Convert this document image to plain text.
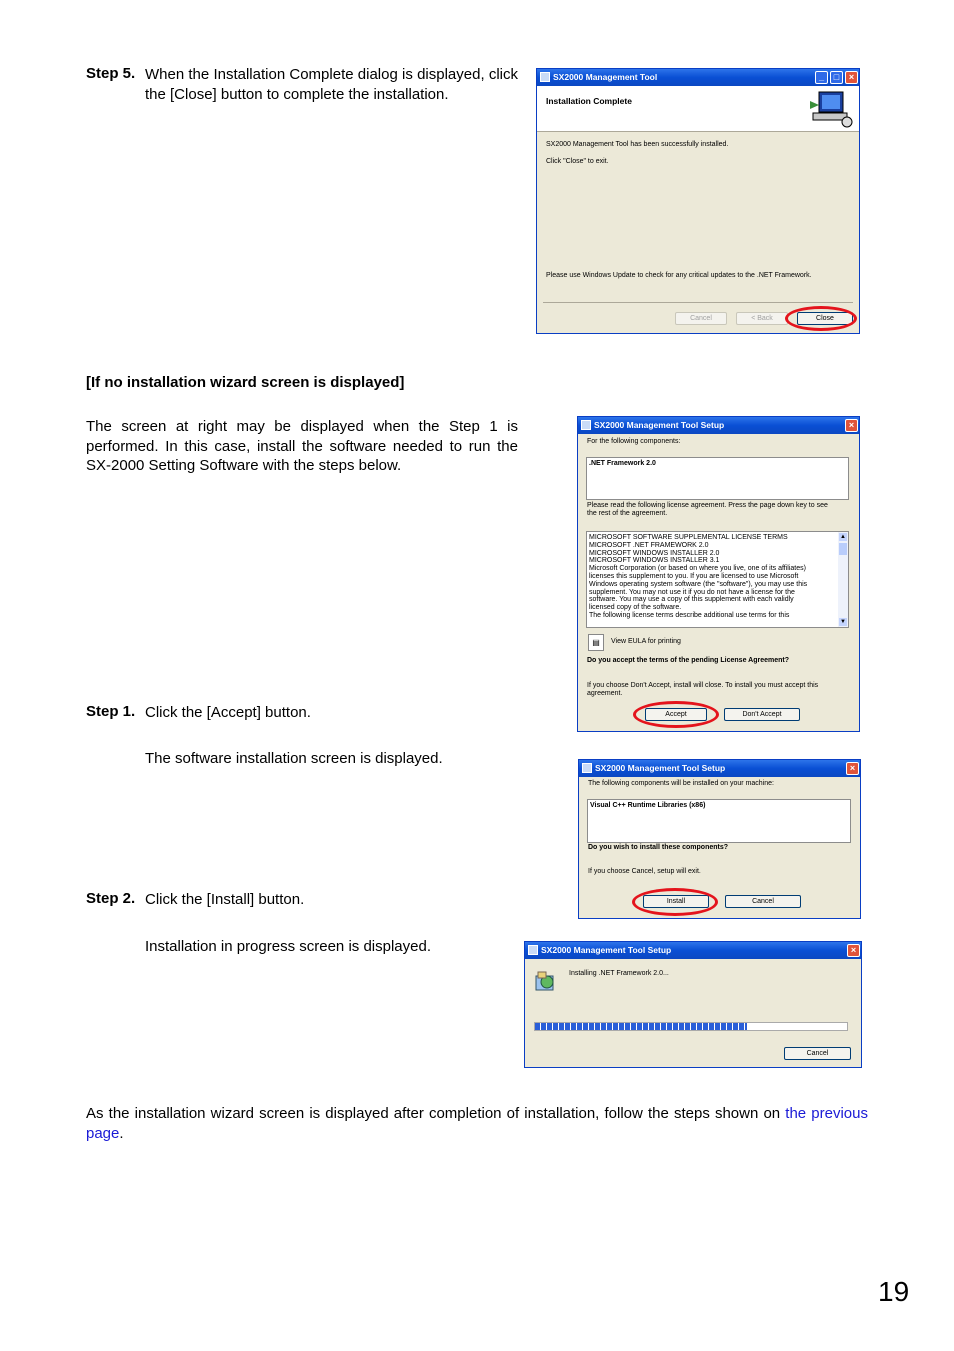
Step 5. When the Installation Complete dialog is displayed, click the [Close] button to complete the installation.
SX2000 Management Tool	_	□	×
Installation Complete
SX2000 Management Tool has been successfully installed.
Click "Close" to exit.
Please use Windows Update to check for any critical updates to the .NET Framework.
Cancel	< Back	Close
[If no installation wizard screen is displayed]
The screen at right may be displayed when the Step 1 is performed. In this case, install the software needed to run the SX-2000 Setting Software with the steps below.
SX2000 Management Tool Setup	×
For the following components:
.NET Framework 2.0
Please read the following license agreement. Press the page down key to see
the rest of the agreement.
MICROSOFT SOFTWARE SUPPLEMENTAL LICENSE TERMS
MICROSOFT .NET FRAMEWORK 2.0
MICROSOFT WINDOWS INSTALLER 2.0
MICROSOFT WINDOWS INSTALLER 3.1
Microsoft Corporation (or based on where you live, one of its affiliates)
licenses this supplement to you. If you are licensed to use Microsoft
Windows operating system software (the "software"), you may use this
supplement. You may not use it if you do not have a license for the
software. You may use a copy of this supplement with each validly
licensed copy of the software.
The following license terms describe additional use terms for this
▲
▼
▤	View EULA for printing
Do you accept the terms of the pending License Agreement?
If you choose Don't Accept, install will close. To install you must accept this
agreement.
Accept	Don't Accept
Step 1. Click the [Accept] button.
The software installation screen is displayed.
SX2000 Management Tool Setup	×
The following components will be installed on your machine:
Visual C++ Runtime Libraries (x86)
Do you wish to install these components?
If you choose Cancel, setup will exit.
Install	Cancel
Step 2. Click the [Install] button.
Installation in progress screen is displayed.	SX2000 Management Tool Setup	×
Installing .NET Framework 2.0...
Cancel
As the installation wizard screen is displayed after completion of installation, follow the steps shown on the previous page.
19
